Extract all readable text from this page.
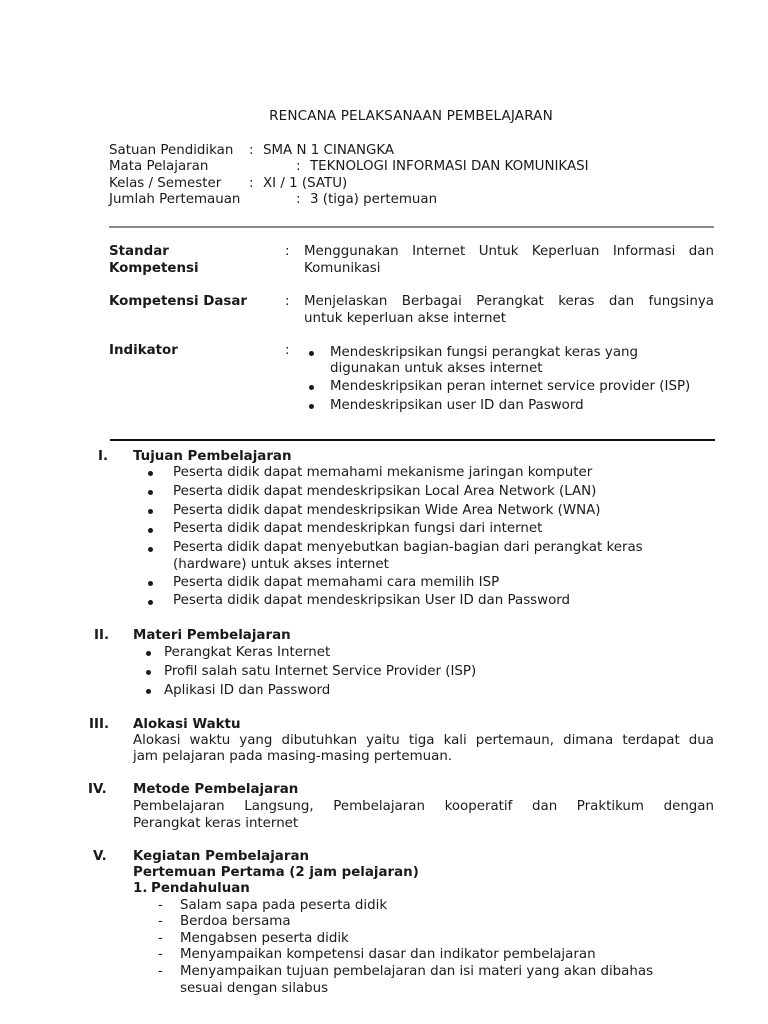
RENCANA PELAKSANAAN PEMBELAJARAN
Satuan Pendidikan : SMA N 1 CINANGKA
Mata Pelajaran	: TEKNOLOGI INFORMASI DAN KOMUNIKASI
Kelas / Semester : XI / 1 (SATU)
Jumlah Pertemauan	: 3 (tiga) pertemuan
Standar
Kompetensi
: Menggunakan Internet Untuk Keperluan Informasi dan
Komunikasi
Kompetensi Dasar	: Menjelaskan Berbagai Perangkat keras dan fungsinya
untuk keperluan akse internet
Indikator	:	Mendeskripsikan fungsi perangkat keras yang
digunakan untuk akses internet
Mendeskripsikan peran internet service provider (ISP)
Mendeskripsikan user ID dan Pasword
I. Tujuan Pembelajaran
Peserta didik dapat memahami mekanisme jaringan komputer
Peserta didik dapat mendeskripsikan Local Area Network (LAN)
Peserta didik dapat mendeskripsikan Wide Area Network (WNA)
Peserta didik dapat mendeskripkan fungsi dari internet
Peserta didik dapat menyebutkan bagian-bagian dari perangkat keras
(hardware) untuk akses internet
Peserta didik dapat memahami cara memilih ISP
Peserta didik dapat mendeskripsikan User ID dan Password
II. Materi Pembelajaran
Perangkat Keras Internet
Profil salah satu Internet Service Provider (ISP)
Aplikasi ID dan Password
III. Alokasi Waktu
Alokasi waktu yang dibutuhkan yaitu tiga kali pertemaun, dimana terdapat dua
jam pelajaran pada masing-masing pertemuan.
IV. Metode Pembelajaran
Pembelajaran Langsung, Pembelajaran kooperatif dan Praktikum dengan
Perangkat keras internet
V. Kegiatan Pembelajaran
Pertemuan Pertama (2 jam pelajaran)
1. Pendahuluan
- Salam sapa pada peserta didik
- Berdoa bersama
- Mengabsen peserta didik
- Menyampaikan kompetensi dasar dan indikator pembelajaran
- Menyampaikan tujuan pembelajaran dan isi materi yang akan dibahas
sesuai dengan silabus
